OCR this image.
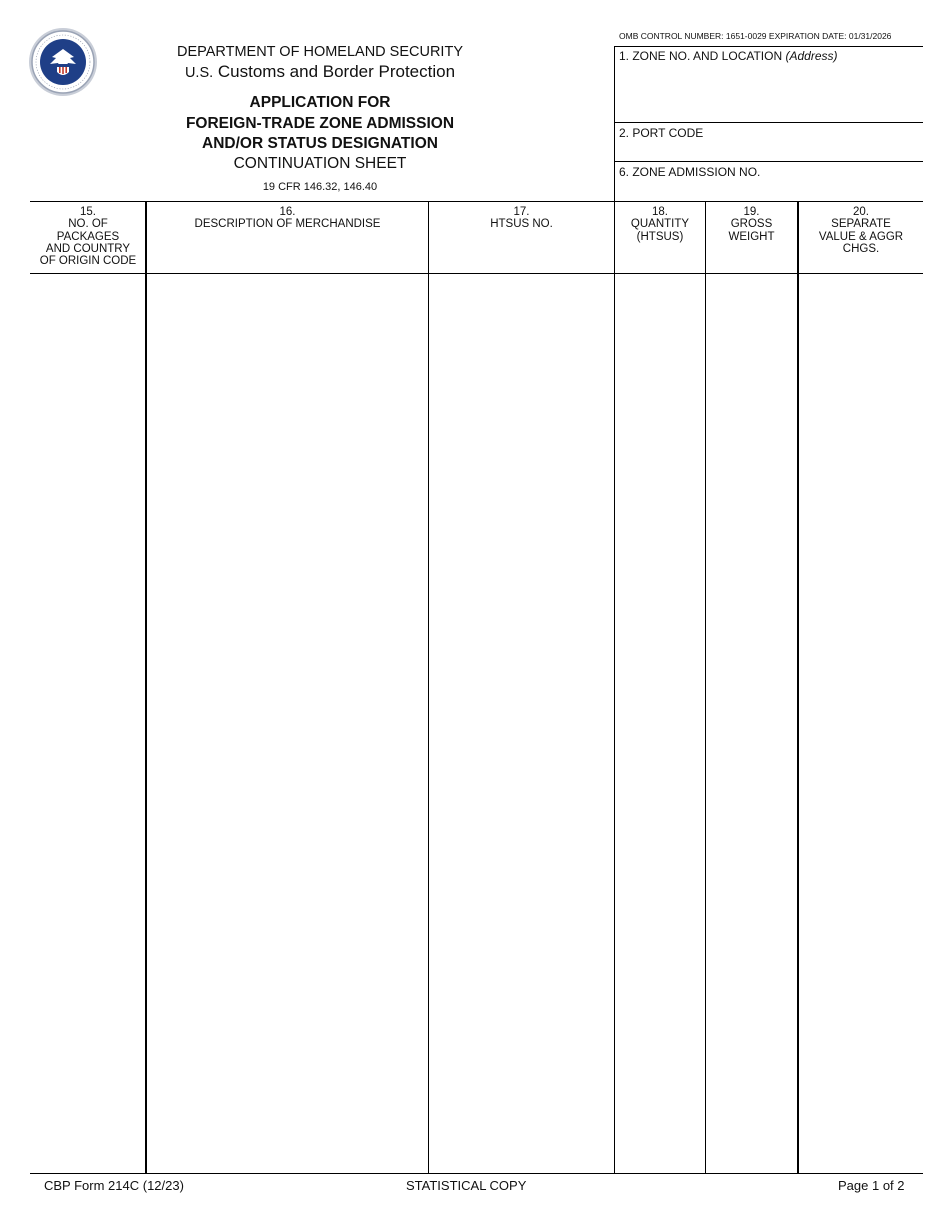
DEPARTMENT OF HOMELAND SECURITY
U.S. Customs and Border Protection
APPLICATION FOR
FOREIGN-TRADE ZONE ADMISSION
AND/OR STATUS DESIGNATION
CONTINUATION SHEET
19 CFR 146.32, 146.40
OMB CONTROL NUMBER: 1651-0029 EXPIRATION DATE: 01/31/2026
1. ZONE NO. AND LOCATION (Address)
2. PORT CODE
6. ZONE ADMISSION NO.
15.
NO. OF
PACKAGES
AND COUNTRY
OF ORIGIN CODE
16.
DESCRIPTION OF MERCHANDISE
17.
HTSUS NO.
18.
QUANTITY
(HTSUS)
19.
GROSS
WEIGHT
20.
SEPARATE
VALUE & AGGR
CHGS.
CBP Form 214C (12/23)	STATISTICAL COPY	Page 1 of 2
